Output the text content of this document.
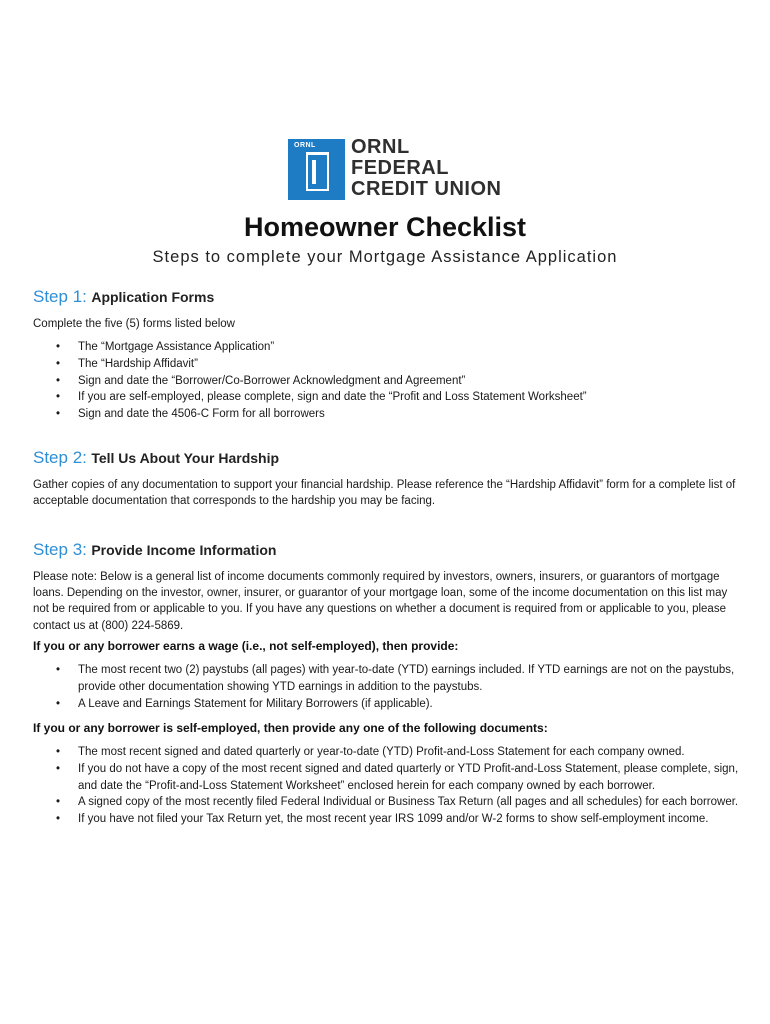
ORNL ORNL
FEDERAL
CREDIT UNION
Homeowner Checklist
Steps to complete your Mortgage Assistance Application
Step 1: Application Forms
Complete the five (5) forms listed below
• The “Mortgage Assistance Application”
• The “Hardship Affidavit”
• Sign and date the “Borrower/Co-Borrower Acknowledgment and Agreement”
• If you are self-employed, please complete, sign and date the “Profit and Loss Statement Worksheet”
• Sign and date the 4506-C Form for all borrowers
Step 2: Tell Us About Your Hardship
Gather copies of any documentation to support your financial hardship. Please reference the “Hardship Affidavit” form for a complete list of acceptable documentation that corresponds to the hardship you may be facing.
Step 3: Provide Income Information
Please note: Below is a general list of income documents commonly required by investors, owners, insurers, or guarantors of mortgage loans. Depending on the investor, owner, insurer, or guarantor of your mortgage loan, some of the income documentation on this list may not be required from or applicable to you. If you have any questions on whether a document is required from or applicable to you, please contact us at (800) 224-5869.
If you or any borrower earns a wage (i.e., not self-employed), then provide:
• The most recent two (2) paystubs (all pages) with year-to-date (YTD) earnings included. If YTD earnings are not on the paystubs, provide other documentation showing YTD earnings in addition to the paystubs.
• A Leave and Earnings Statement for Military Borrowers (if applicable).
If you or any borrower is self-employed, then provide any one of the following documents:
• The most recent signed and dated quarterly or year-to-date (YTD) Profit-and-Loss Statement for each company owned.
• If you do not have a copy of the most recent signed and dated quarterly or YTD Profit-and-Loss Statement, please complete, sign, and date the “Profit-and-Loss Statement Worksheet” enclosed herein for each company owned by each borrower.
• A signed copy of the most recently filed Federal Individual or Business Tax Return (all pages and all schedules) for each borrower.
• If you have not filed your Tax Return yet, the most recent year IRS 1099 and/or W-2 forms to show self-employment income.
